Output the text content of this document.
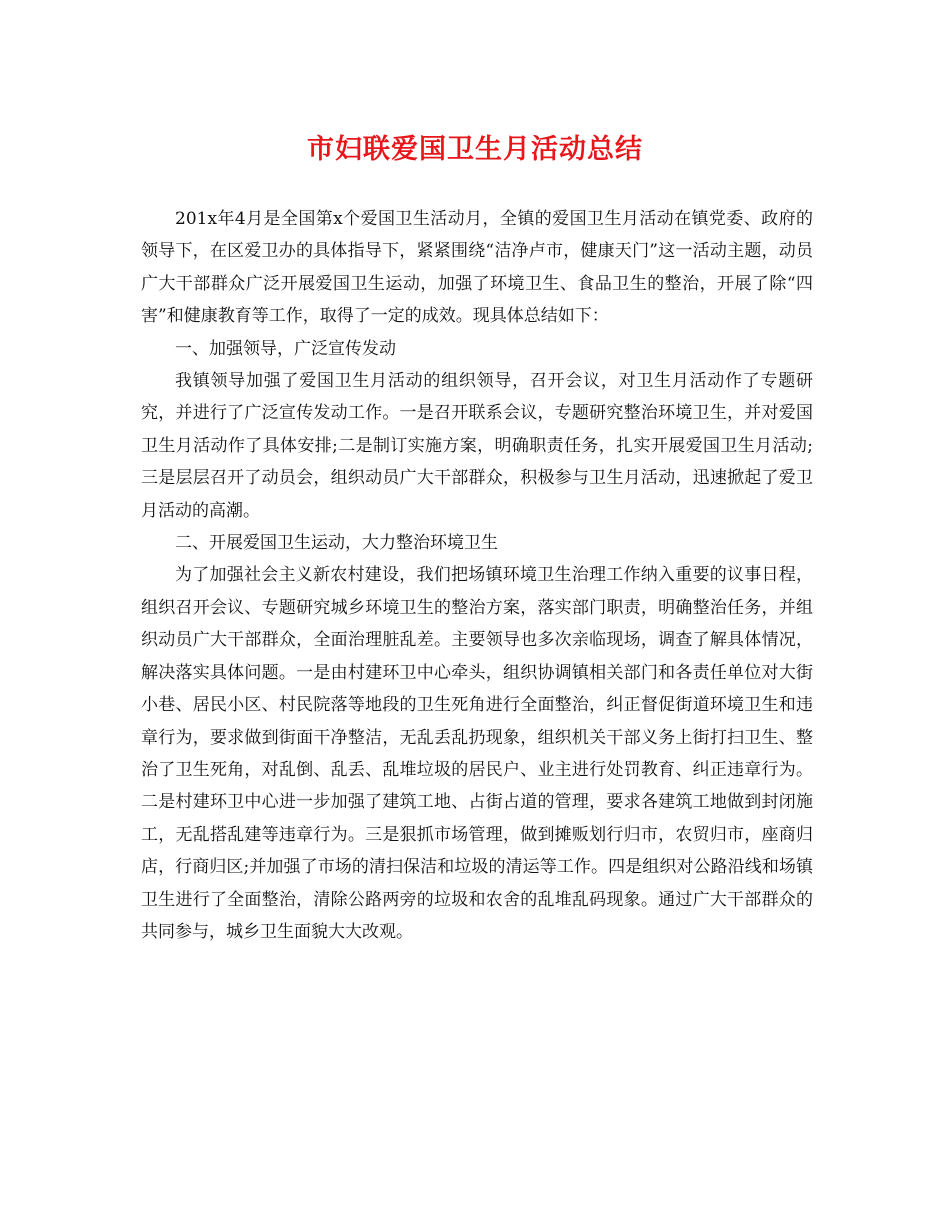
市妇联爱国卫生月活动总结

201x年4月是全国第x个爱国卫生活动月，全镇的爱国卫生月活动在镇党委、政府的领导下，在区爱卫办的具体指导下，紧紧围绕“洁净卢市，健康天门”这一活动主题，动员广大干部群众广泛开展爱国卫生运动，加强了环境卫生、食品卫生的整治，开展了除“四害”和健康教育等工作，取得了一定的成效。现具体总结如下：

一、加强领导，广泛宣传发动

我镇领导加强了爱国卫生月活动的组织领导，召开会议，对卫生月活动作了专题研究，并进行了广泛宣传发动工作。一是召开联系会议，专题研究整治环境卫生，并对爱国卫生月活动作了具体安排;二是制订实施方案，明确职责任务，扎实开展爱国卫生月活动;三是层层召开了动员会，组织动员广大干部群众，积极参与卫生月活动，迅速掀起了爱卫月活动的高潮。

二、开展爱国卫生运动，大力整治环境卫生

为了加强社会主义新农村建设，我们把场镇环境卫生治理工作纳入重要的议事日程，组织召开会议、专题研究城乡环境卫生的整治方案，落实部门职责，明确整治任务，并组织动员广大干部群众，全面治理脏乱差。主要领导也多次亲临现场，调查了解具体情况，解决落实具体问题。一是由村建环卫中心牵头，组织协调镇相关部门和各责任单位对大街小巷、居民小区、村民院落等地段的卫生死角进行全面整治，纠正督促街道环境卫生和违章行为，要求做到街面干净整洁，无乱丢乱扔现象，组织机关干部义务上街打扫卫生、整治了卫生死角，对乱倒、乱丢、乱堆垃圾的居民户、业主进行处罚教育、纠正违章行为。二是村建环卫中心进一步加强了建筑工地、占街占道的管理，要求各建筑工地做到封闭施工，无乱搭乱建等违章行为。三是狠抓市场管理，做到摊贩划行归市，农贸归市，座商归店，行商归区;并加强了市场的清扫保洁和垃圾的清运等工作。四是组织对公路沿线和场镇卫生进行了全面整治，清除公路两旁的垃圾和农舍的乱堆乱码现象。通过广大干部群众的共同参与，城乡卫生面貌大大改观。
